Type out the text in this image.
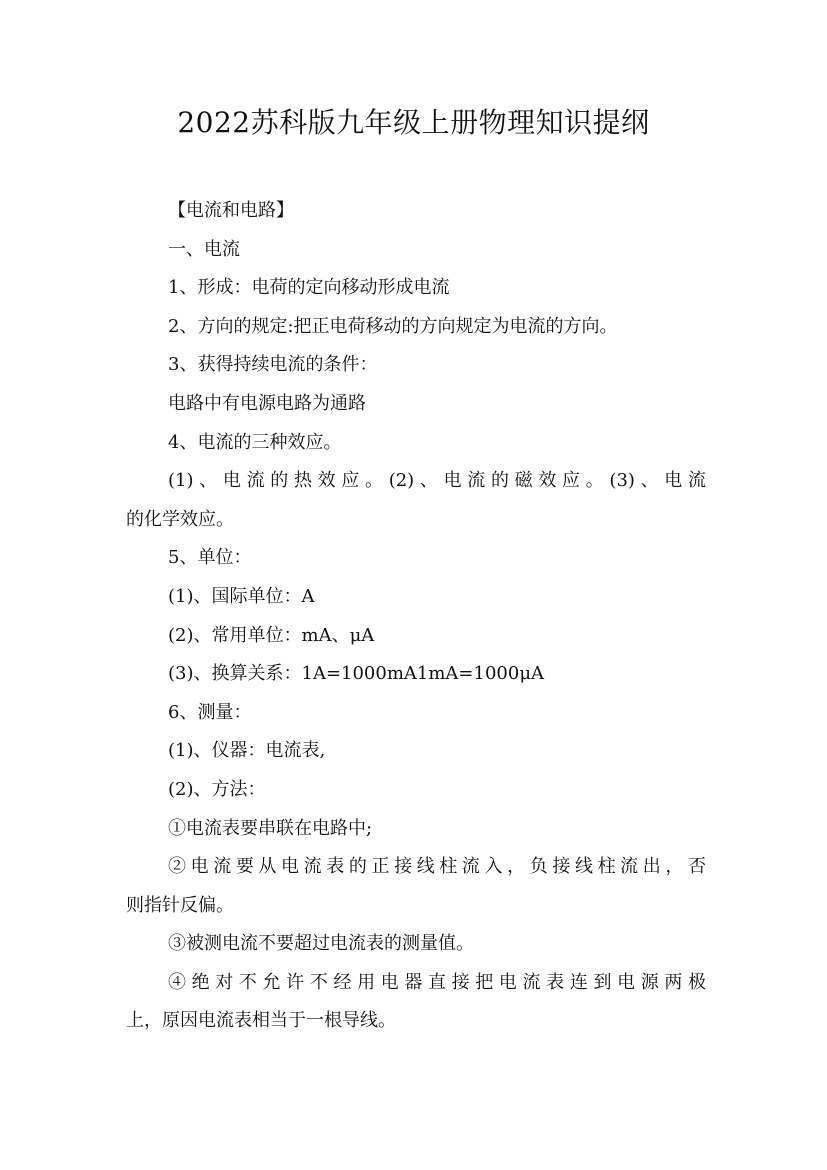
2022苏科版九年级上册物理知识提纲

【电流和电路】

一、电流

1、形成：电荷的定向移动形成电流

2、方向的规定:把正电荷移动的方向规定为电流的方向。

3、获得持续电流的条件：

电路中有电源电路为通路

4、电流的三种效应。

(1)、电流的热效应。(2)、电流的磁效应。(3)、电流

的化学效应。

5、单位：

(1)、国际单位：A

(2)、常用单位：mA、μA

(3)、换算关系：1A=1000mA1mA=1000μA

6、测量：

(1)、仪器：电流表,

(2)、方法：

①电流表要串联在电路中;

②电流要从电流表的正接线柱流入，负接线柱流出，否

则指针反偏。

③被测电流不要超过电流表的测量值。

④绝对不允许不经用电器直接把电流表连到电源两极

上，原因电流表相当于一根导线。
